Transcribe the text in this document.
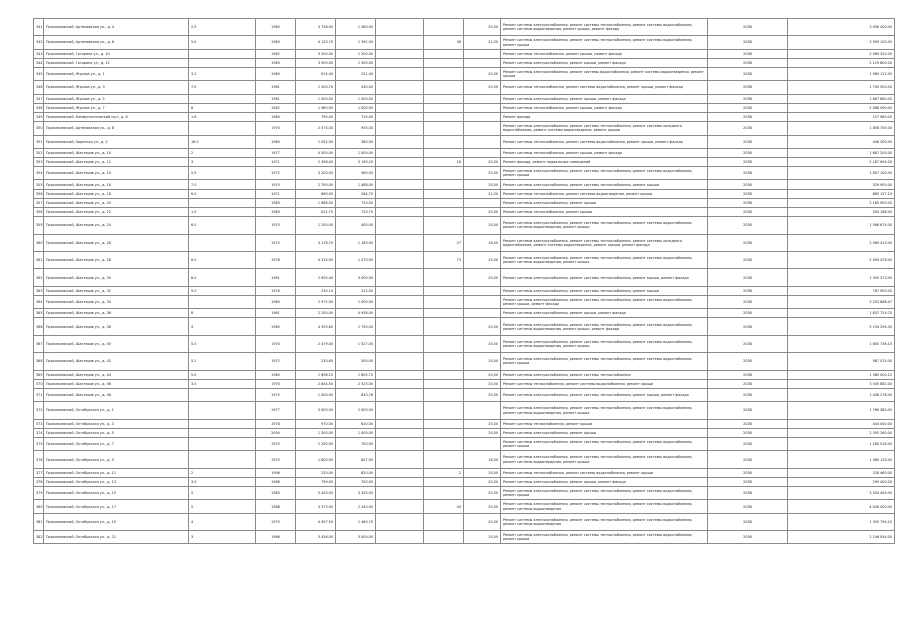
341	Прокопьевский, Артемовская ул., д. 4	2.5	1960	3 758.00	1 580.00			20,00	Ремонт системы электроснабжения, ремонт системы теплоснабжения, ремонт системы водоснабжения, ремонт системы водоотведения, ремонт крыши, ремонт фасада	2038	3 456 400.00
342	Прокопьевский, Артемовская ул., д. 6	5.0	1963	4 120.70	1 391.00		36	22,00	Ремонт системы электроснабжения, ремонт системы теплоснабжения, ремонт системы водоснабжения, ремонт крыши	2038	3 059 100.00
343	Прокопьевский, Гагарина ул., д. 10		1962	3 500.00	1 200.00				Ремонт системы теплоснабжения, ремонт крыши, ремонт фасада	2038	2 089 320.00
344	Прокопьевский, Гагарина ул., д. 12		1963	3 900.00	1 300.00				Ремонт системы электроснабжения, ремонт крыши, ремонт фасада	2038	2 129 800.00
345	Прокопьевский, Жукова ул., д. 1	3.2	1960	614.40	251.40			20,00	Ремонт системы электроснабжения, ремонт системы водоснабжения, ремонт системы водоотведения, ремонт крыши	2038	1 960 112.00
346	Прокопьевский, Жукова ул., д. 3	7.0	1961	1 200.70	540.00			20,00	Ремонт системы теплоснабжения, ремонт системы водоснабжения, ремонт крыши, ремонт фасада	2038	1 700 500.00
347	Прокопьевский, Жукова ул., д. 5		1961	1 000.00	1 000.00				Ремонт системы электроснабжения, ремонт крыши, ремонт фасада	2038	1 667 880.00
348	Прокопьевский, Жукова ул., д. 7	8	1962	1 980.00	1 000.00				Ремонт системы теплоснабжения, ремонт крыши, ремонт фасада	2038	2 088 090.00
349	Прокопьевский, Коммунистический пр-т, д. 8	1.6	1960	795.40	725.00				Ремонт фасада	2038	157 980.00
350	Прокопьевский, Артемовская ул., д. 8		1970	2 575.00	955.00				Ремонт системы электроснабжения, ремонт системы теплоснабжения, ремонт системы холодного водоснабжения, ремонт системы водоотведения, ремонт крыши	2038	1 858 700.00
351	Прокопьевский, Заречная ул., д. 2	16.0	1960	1 052.00	380.00				Ремонт системы теплоснабжения, ремонт системы водоснабжения, ремонт крыши, ремонт фасада	2038	446 300.00
352	Прокопьевский, Шахтеров ул., д. 10	2	1977	4 500.00	1 000.00				Ремонт системы теплоснабжения, ремонт крыши, ремонт фасада	2038	1 687 200.00
353	Прокопьевский, Шахтеров ул., д. 12	3	1971	2 398.40	3 190.20		16	20,00	Ремонт фасада, ремонт подвальных помещений	2038	2 187 694.00
354	Прокопьевский, Шахтеров ул., д. 14	5.5	1972	3 200.00	960.00			25,00	Ремонт системы электроснабжения, ремонт системы теплоснабжения, ремонт системы водоснабжения, ремонт крыши	2038	1 807 100.00
355	Прокопьевский, Шахтеров ул., д. 16	7.0	1970	2 700.00	1 488.00			20,00	Ремонт системы электроснабжения, ремонт системы теплоснабжения, ремонт крыши	2038	329 900.00
356	Прокопьевский, Шахтеров ул., д. 18	6.0	1971	660.00	264.70			22,00	Ремонт системы теплоснабжения, ремонт системы водоотведения, ремонт крыши	2038	865 157.10
357	Прокопьевский, Шахтеров ул., д. 20		1963	1 886.00	720.00				Ремонт системы электроснабжения, ремонт крыши	2038	2 180 900.00
358	Прокопьевский, Шахтеров ул., д. 22	1.5	1963	611.75	720.70			20,00	Ремонт системы теплоснабжения, ремонт крыши	2038	304 188.40
359	Прокопьевский, Шахтеров ул., д. 24	6.0	1970	1 200.00	400.00			20,00	Ремонт системы электроснабжения, ремонт системы теплоснабжения, ремонт системы водоснабжения, ремонт системы водоотведения, ремонт крыши	2038	1 566 674.00
360	Прокопьевский, Шахтеров ул., д. 26		1970	3 178.70	1 185.00		27	18,00	Ремонт системы электроснабжения, ремонт системы теплоснабжения, ремонт системы холодного водоснабжения, ремонт системы водоотведения, ремонт крыши, ремонт фасада	2038	2 069 413.00
361	Прокопьевский, Шахтеров ул., д. 28	6.0	1978	4 314.00	1 470.00		73	25,00	Ремонт системы электроснабжения, ремонт системы теплоснабжения, ремонт системы водоснабжения, ремонт системы водоотведения, ремонт крыши	2038	2 494 476.00
362	Прокопьевский, Шахтеров ул., д. 30	8.0	1961	2 905.40	3 000.00			20,00	Ремонт системы электроснабжения, ремонт системы теплоснабжения, ремонт крыши, ремонт фасада	2038	1 300 373.00
363	Прокопьевский, Шахтеров ул., д. 32	9.0	1976	230.10	222.00				Ремонт системы электроснабжения, ремонт системы теплоснабжения, ремонт крыши	2038	787 900.00
364	Прокопьевский, Шахтеров ул., д. 34		1960	2 972.00	1 000.00				Ремонт системы электроснабжения, ремонт системы теплоснабжения, ремонт системы водоснабжения, ремонт крыши, ремонт фасада	2038	5 203 868.47
365	Прокопьевский, Шахтеров ул., д. 36	8	1961	2 200.00	4 958.00				Ремонт системы электроснабжения, ремонт крыши, ремонт фасада	2038	1 837 729.70
366	Прокопьевский, Шахтеров ул., д. 38	4	1965	4 595.60	1 750.00			20,00	Ремонт системы электроснабжения, ремонт системы теплоснабжения, ремонт системы водоснабжения, ремонт системы водоотведения, ремонт крыши, ремонт фасада	2038	5 194 294.00
367	Прокопьевский, Шахтеров ул., д. 40	5.0	1970	2 479.40	1 027.00			20,00	Ремонт системы электроснабжения, ремонт системы теплоснабжения, ремонт системы водоснабжения, ремонт системы водоотведения, ремонт крыши	2038	1 605 736.10
368	Прокопьевский, Шахтеров ул., д. 42	5.2	1972	230.60	300.00			20,00	Ремонт системы электроснабжения, ремонт системы теплоснабжения, ремонт системы водоснабжения, ремонт крыши	2038	987 015.00
369	Прокопьевский, Шахтеров ул., д. 44	5.0	1964	1 698.10	1 805.70			20,00	Ремонт системы электроснабжения, ремонт системы теплоснабжения	2038	1 389 000.12
370	Прокопьевский, Шахтеров ул., д. 46	3.0	1970	2 844.50	2 525.00			20,00	Ремонт системы теплоснабжения, ремонт системы водоснабжения, ремонт крыши	2038	3 545 882.00
371	Прокопьевский, Шахтеров ул., д. 48		1975	1 000.00	830.76			20,00	Ремонт системы электроснабжения, ремонт системы теплоснабжения, ремонт крыши, ремонт фасада	2038	1 408 278.00
372	Прокопьевский, Октябрьская ул., д. 1		1977	3 000.00	2 000.00				Ремонт системы электроснабжения, ремонт системы теплоснабжения, ремонт системы водоснабжения, ремонт системы водоотведения, ремонт крыши	2038	1 766 380.00
373	Прокопьевский, Октябрьская ул., д. 3		1978	970.00	620.00			20,00	Ремонт системы теплоснабжения, ремонт крыши	2038	444 000.00
374	Прокопьевский, Октябрьская ул., д. 5		2004	1 300.00	1 000.00			20,00	Ремонт системы электроснабжения, ремонт крыши	2038	2 395 260.00
375	Прокопьевский, Октябрьская ул., д. 7		1970	2 290.00	700.00				Ремонт системы электроснабжения, ремонт системы теплоснабжения, ремонт системы водоснабжения, ремонт крыши	2038	1 180 016.00
376	Прокопьевский, Октябрьская ул., д. 9		1970	1 800.00	807.00			16,00	Ремонт системы электроснабжения, ремонт системы теплоснабжения, ремонт системы водоснабжения, ремонт системы водоотведения, ремонт крыши	2038	1 060 133.00
377	Прокопьевский, Октябрьская ул., д. 11	2	1998	220.00	820.00		2	20,00	Ремонт системы теплоснабжения, ремонт системы водоснабжения, ремонт крыши	2038	328 460.00
378	Прокопьевский, Октябрьская ул., д. 13	3.5	1968	799.00	700.00			20,00	Ремонт системы электроснабжения, ремонт крыши, ремонт фасада	2038	299 400.00
379	Прокопьевский, Октябрьская ул., д. 15	5	1983	5 443.00	3 345.00			20,00	Ремонт системы электроснабжения, ремонт системы теплоснабжения, ремонт системы водоснабжения, ремонт крыши	2038	3 304 404.00
380	Прокопьевский, Октябрьская ул., д. 17	5	1988	3 373.00	2 240.00		44	20,00	Ремонт системы электроснабжения, ремонт системы теплоснабжения, ремонт системы водоснабжения, ремонт системы водоотведения	2038	4 028 000.00
381	Прокопьевский, Октябрьская ул., д. 19	4	1970	4 457.50	1 480.70			20,00	Ремонт системы электроснабжения, ремонт системы теплоснабжения, ремонт системы водоснабжения, ремонт системы водоотведения	2038	1 350 794.20
382	Прокопьевский, Октябрьская ул., д. 21	3	1966	3 456.00	3 000.00			20,00	Ремонт системы электроснабжения, ремонт системы теплоснабжения, ремонт системы водоснабжения, ремонт крыши	2038	2 146 044.00
